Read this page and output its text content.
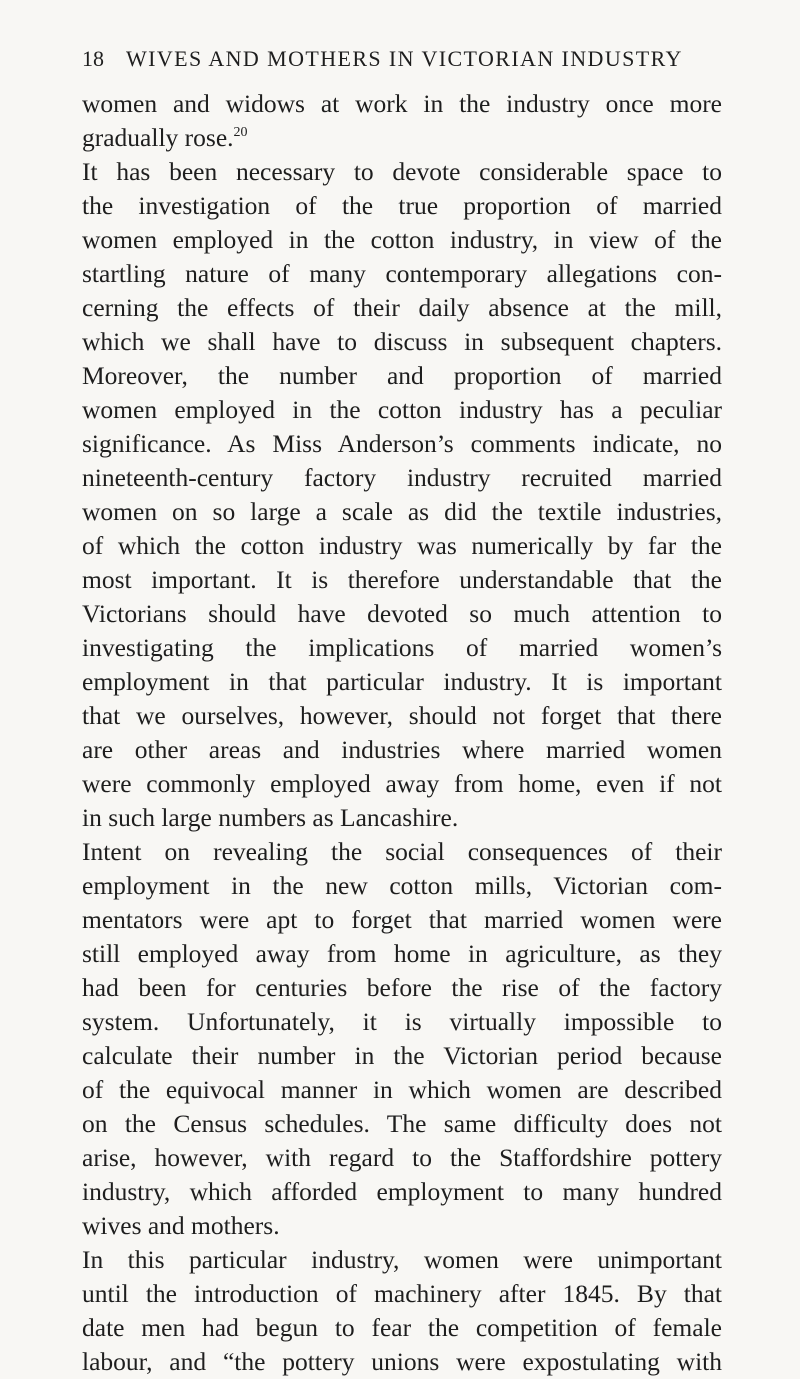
18 WIVES AND MOTHERS IN VICTORIAN INDUSTRY
women and widows at work in the industry once more
gradually rose.$^{20}$
It has been necessary to devote considerable space to
the investigation of the true proportion of married
women employed in the cotton industry, in view of the
startling nature of many contemporary allegations con-
cerning the effects of their daily absence at the mill,
which we shall have to discuss in subsequent chapters.
Moreover, the number and proportion of married
women employed in the cotton industry has a peculiar
significance. As Miss Anderson’s comments indicate, no
nineteenth-century factory industry recruited married
women on so large a scale as did the textile industries,
of which the cotton industry was numerically by far the
most important. It is therefore understandable that the
Victorians should have devoted so much attention to
investigating the implications of married women’s
employment in that particular industry. It is important
that we ourselves, however, should not forget that there
are other areas and industries where married women
were commonly employed away from home, even if not
in such large numbers as Lancashire.
Intent on revealing the social consequences of their
employment in the new cotton mills, Victorian com-
mentators were apt to forget that married women were
still employed away from home in agriculture, as they
had been for centuries before the rise of the factory
system. Unfortunately, it is virtually impossible to
calculate their number in the Victorian period because
of the equivocal manner in which women are described
on the Census schedules. The same difficulty does not
arise, however, with regard to the Staffordshire pottery
industry, which afforded employment to many hundred
wives and mothers.
In this particular industry, women were unimportant
until the introduction of machinery after 1845. By that
date men had begun to fear the competition of female
labour, and “the pottery unions were expostulating with
